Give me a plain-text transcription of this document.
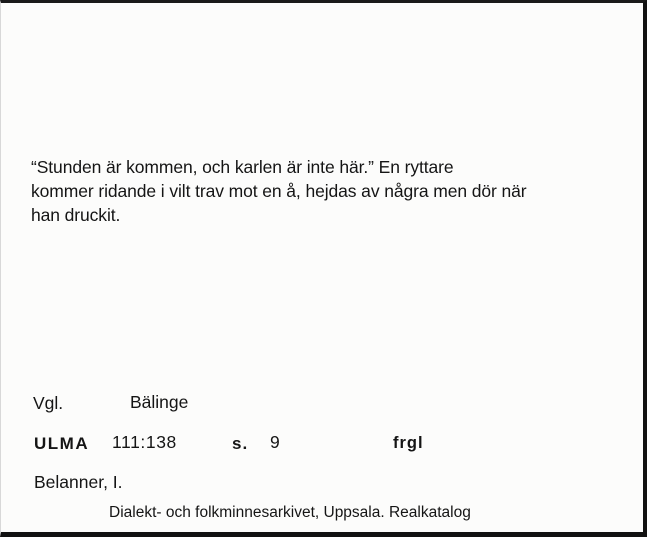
“Stunden är kommen, och karlen är inte här.” En ryttare
kommer ridande i vilt trav mot en å, hejdas av några men dör när
han druckit.
Vgl.	Bälinge
ULMA 111:138	s. 9	frgl
Belanner, I.
Dialekt- och folkminnesarkivet, Uppsala. Realkatalog
